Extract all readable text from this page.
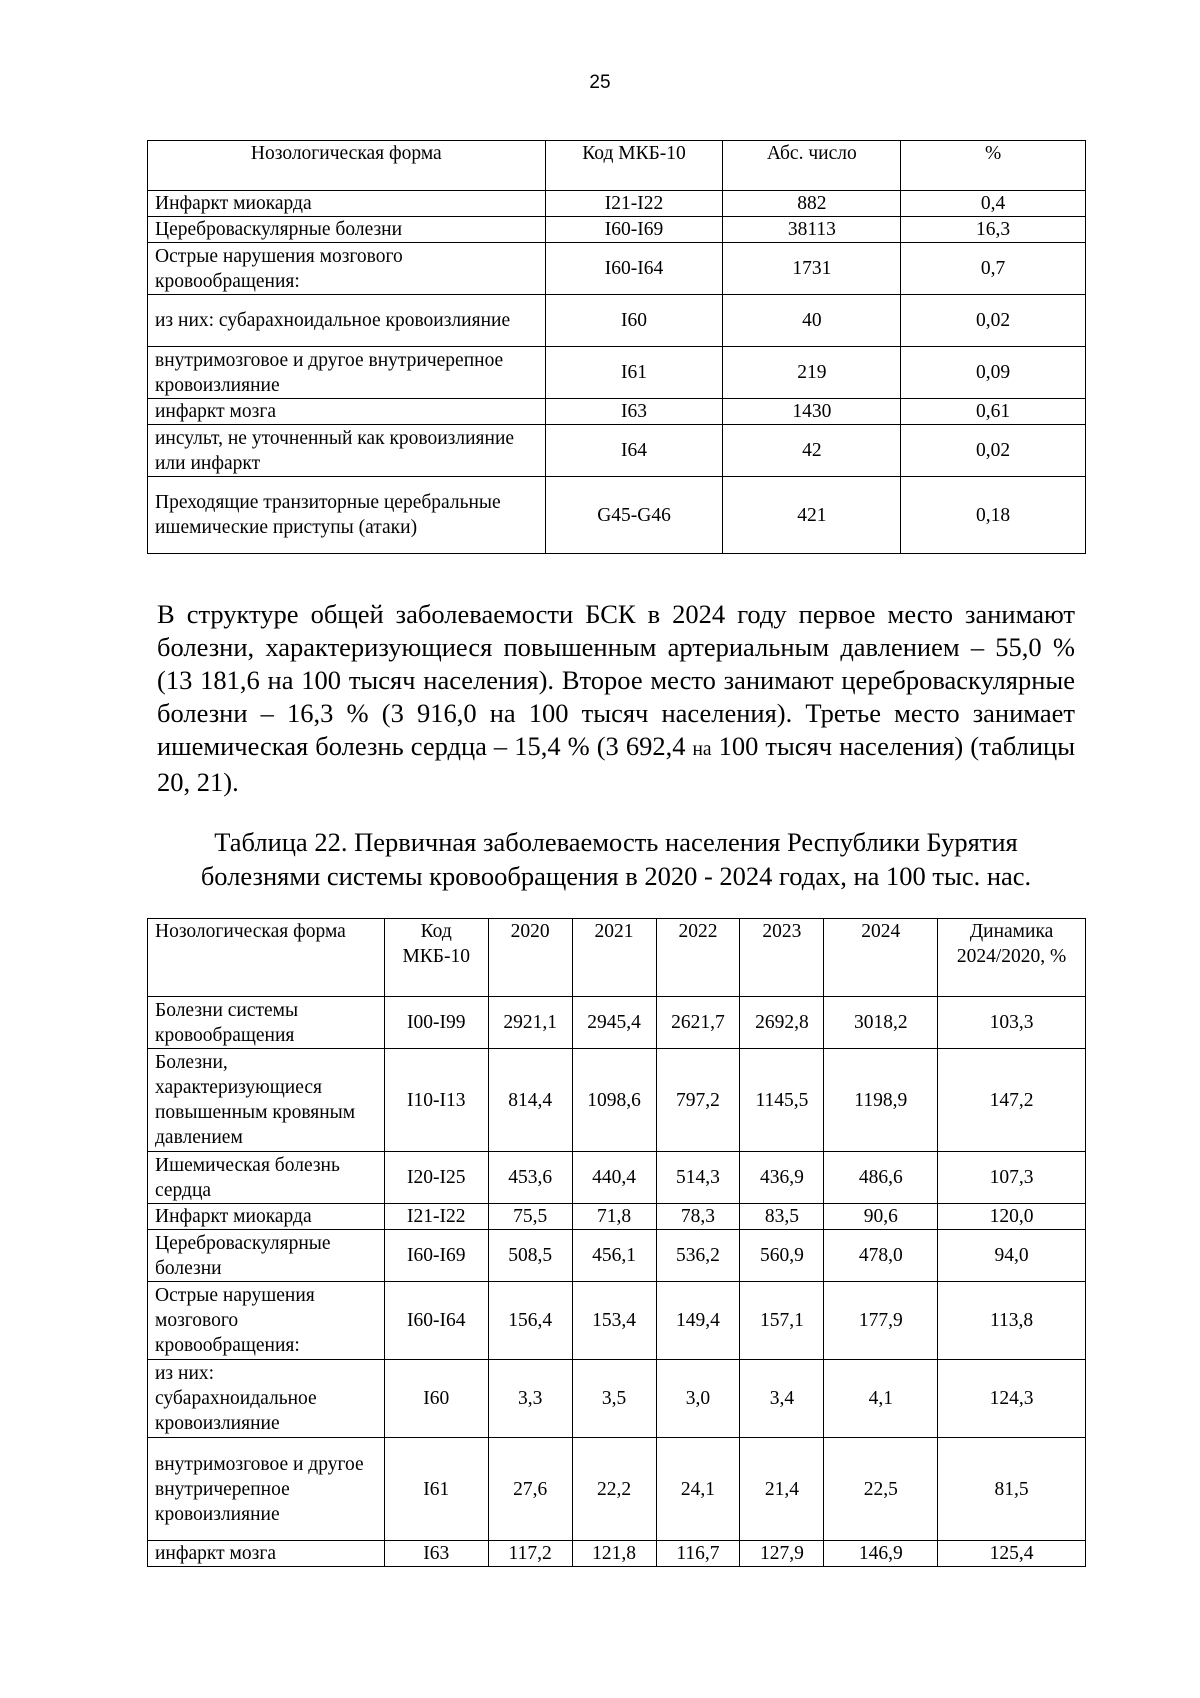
25
Нозологическая форма	Код МКБ-10	Абс. число	%
Инфаркт миокарда	I21-I22	882	0,4
Цереброваскулярные болезни	I60-I69	38113	16,3
Острые нарушения мозгового кровообращения:	I60-I64	1731	0,7
из них: субарахноидальное кровоизлияние	I60	40	0,02
внутримозговое и другое внутричерепное кровоизлияние	I61	219	0,09
инфаркт мозга	I63	1430	0,61
инсульт, не уточненный как кровоизлияние или инфаркт	I64	42	0,02
Преходящие транзиторные церебральные ишемические приступы (атаки)	G45-G46	421	0,18

В структуре общей заболеваемости БСК в 2024 году первое место занимают болезни, характеризующиеся повышенным артериальным давлением – 55,0 % (13 181,6 на 100 тысяч населения). Второе место занимают цереброваскулярные болезни – 16,3 % (3 916,0 на 100 тысяч населения). Третье место занимает ишемическая болезнь сердца – 15,4 % (3 692,4 на 100 тысяч населения) (таблицы 20, 21).

Таблица 22. Первичная заболеваемость населения Республики Бурятия
болезнями системы кровообращения в 2020 - 2024 годах, на 100 тыс. нас.

Нозологическая форма	Код МКБ-10	2020	2021	2022	2023	2024	Динамика 2024/2020, %
Болезни системы кровообращения	I00-I99	2921,1	2945,4	2621,7	2692,8	3018,2	103,3
Болезни, характеризующиеся повышенным кровяным давлением	I10-I13	814,4	1098,6	797,2	1145,5	1198,9	147,2
Ишемическая болезнь сердца	I20-I25	453,6	440,4	514,3	436,9	486,6	107,3
Инфаркт миокарда	I21-I22	75,5	71,8	78,3	83,5	90,6	120,0
Цереброваскулярные болезни	I60-I69	508,5	456,1	536,2	560,9	478,0	94,0
Острые нарушения мозгового кровообращения:	I60-I64	156,4	153,4	149,4	157,1	177,9	113,8
из них: субарахноидальное кровоизлияние	I60	3,3	3,5	3,0	3,4	4,1	124,3
внутримозговое и другое внутричерепное кровоизлияние	I61	27,6	22,2	24,1	21,4	22,5	81,5
инфаркт мозга	I63	117,2	121,8	116,7	127,9	146,9	125,4
